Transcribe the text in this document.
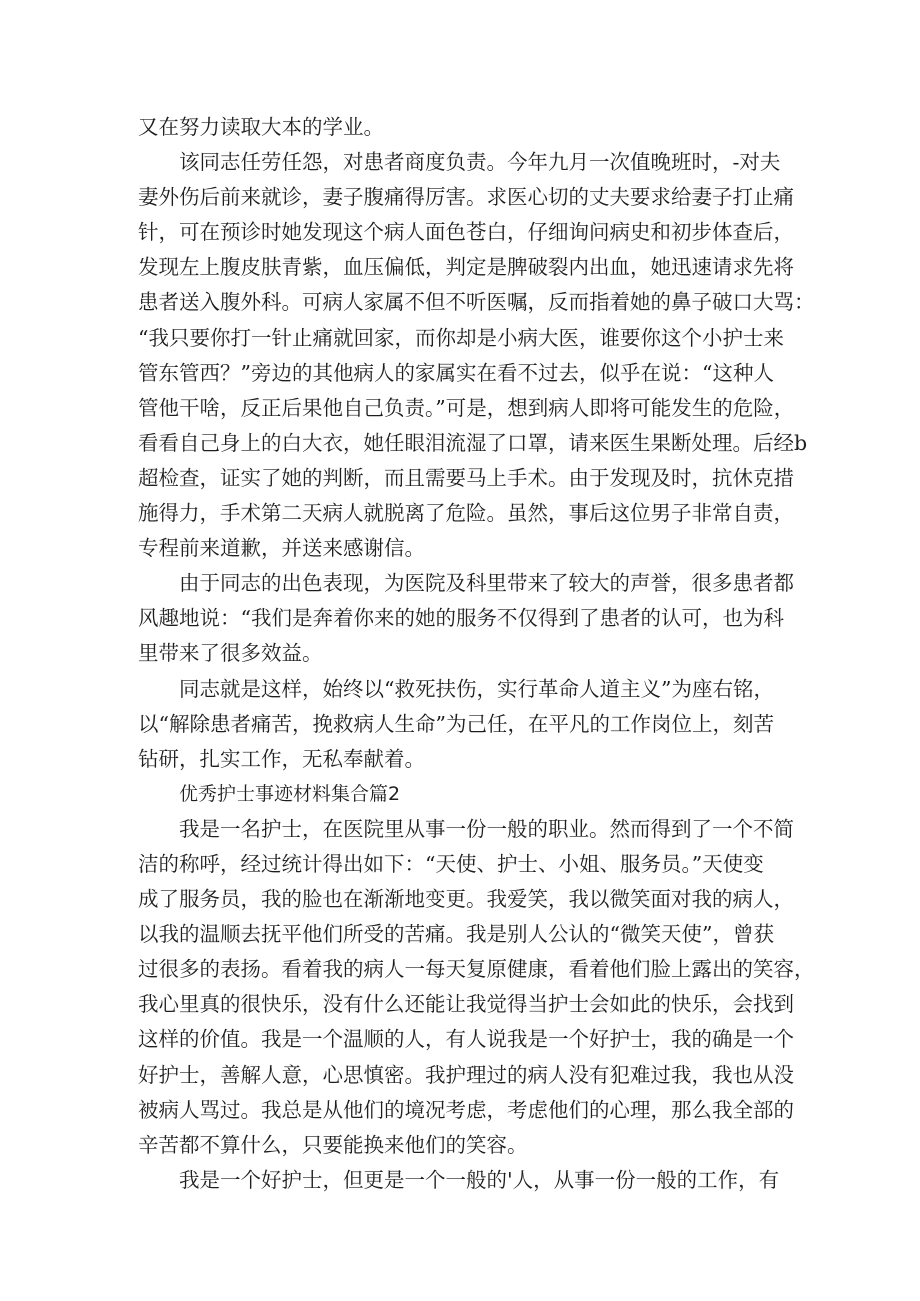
又在努力读取大本的学业。
该同志任劳任怨，对患者商度负责。今年九月一次值晚班时，-对夫
妻外伤后前来就诊，妻子腹痛得厉害。求医心切的丈夫要求给妻子打止痛
针，可在预诊时她发现这个病人面色苍白，仔细询问病史和初步体查后，
发现左上腹皮肤青紫，血压偏低，判定是脾破裂内出血，她迅速请求先将
患者送入腹外科。可病人家属不但不听医嘱，反而指着她的鼻子破口大骂：
“我只要你打一针止痛就回家，而你却是小病大医，谁要你这个小护士来
管东管西？”旁边的其他病人的家属实在看不过去，似乎在说：“这种人
管他干啥，反正后果他自己负责。”可是，想到病人即将可能发生的危险，
看看自己身上的白大衣，她任眼泪流湿了口罩，请来医生果断处理。后经b
超检查，证实了她的判断，而且需要马上手术。由于发现及时，抗休克措
施得力，手术第二天病人就脱离了危险。虽然，事后这位男子非常自责，
专程前来道歉，并送来感谢信。
由于同志的出色表现，为医院及科里带来了较大的声誉，很多患者都
风趣地说：“我们是奔着你来的她的服务不仅得到了患者的认可，也为科
里带来了很多效益。
同志就是这样，始终以“救死扶伤，实行革命人道主义”为座右铭，
以“解除患者痛苦，挽救病人生命”为己任，在平凡的工作岗位上，刻苦
钻研，扎实工作，无私奉献着。
优秀护士事迹材料集合篇2
我是一名护士，在医院里从事一份一般的职业。然而得到了一个不简
洁的称呼，经过统计得出如下：“天使、护士、小姐、服务员。”天使变
成了服务员，我的脸也在渐渐地变更。我爱笑，我以微笑面对我的病人，
以我的温顺去抚平他们所受的苦痛。我是别人公认的“微笑天使”，曾获
过很多的表扬。看着我的病人一每天复原健康，看着他们脸上露出的笑容，
我心里真的很快乐，没有什么还能让我觉得当护士会如此的快乐，会找到
这样的价值。我是一个温顺的人，有人说我是一个好护士，我的确是一个
好护士，善解人意，心思慎密。我护理过的病人没有犯难过我，我也从没
被病人骂过。我总是从他们的境况考虑，考虑他们的心理，那么我全部的
辛苦都不算什么，只要能换来他们的笑容。
我是一个好护士，但更是一个一般的'人，从事一份一般的工作，有
